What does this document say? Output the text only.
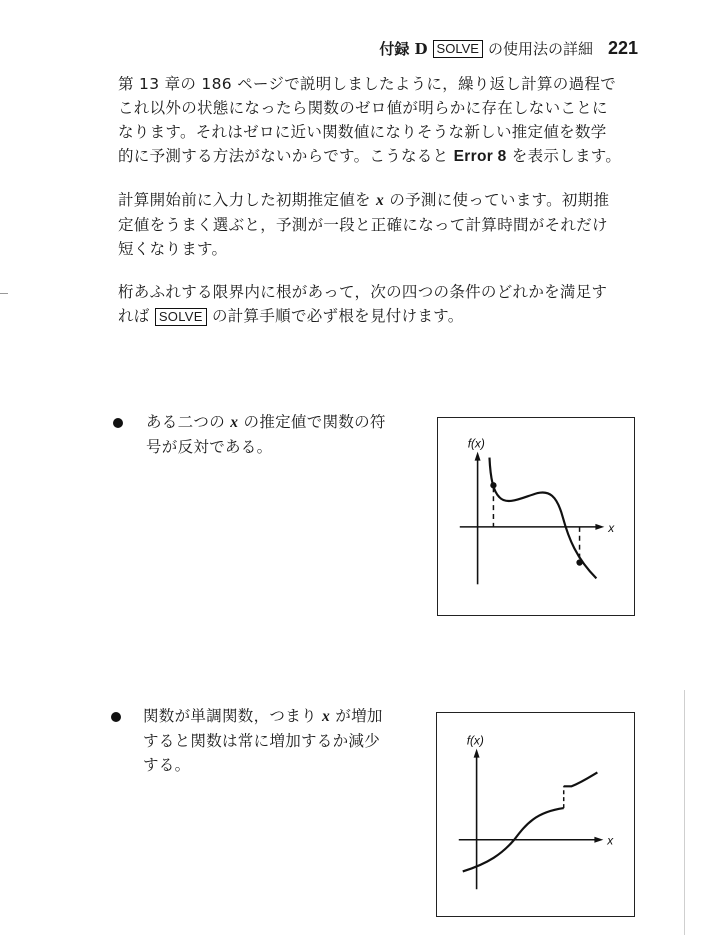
付録 D SOLVE の使用法の詳細 221
第 13 章の 186 ページで説明しましたように，繰り返し計算の過程で
これ以外の状態になったら関数のゼロ値が明らかに存在しないことに
なります。それはゼロに近い関数値になりそうな新しい推定値を数学
的に予測する方法がないからです。こうなると Error 8 を表示します。
計算開始前に入力した初期推定値を x の予測に使っています。初期推
定値をうまく選ぶと，予測が一段と正確になって計算時間がそれだけ
短くなります。
桁あふれする限界内に根があって，次の四つの条件のどれかを満足す
れば SOLVE の計算手順で必ず根を見付けます。
ある二つの x の推定値で関数の符
号が反対である。	f(x)
x
関数が単調関数，つまり x が増加
すると関数は常に増加するか減少
する。
f(x)
x
